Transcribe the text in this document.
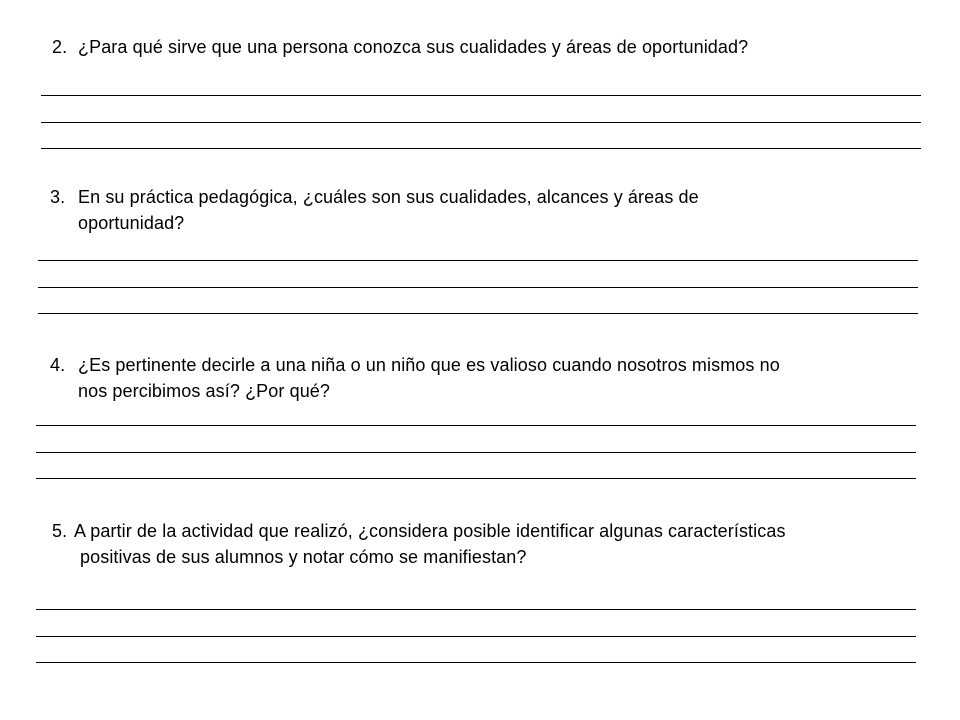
2. ¿Para qué sirve que una persona conozca sus cualidades y áreas de oportunidad?
3. En su práctica pedagógica, ¿cuáles son sus cualidades, alcances y áreas de
oportunidad?
4. ¿Es pertinente decirle a una niña o un niño que es valioso cuando nosotros mismos no
nos percibimos así? ¿Por qué?
5. A partir de la actividad que realizó, ¿considera posible identificar algunas características
positivas de sus alumnos y notar cómo se manifiestan?
